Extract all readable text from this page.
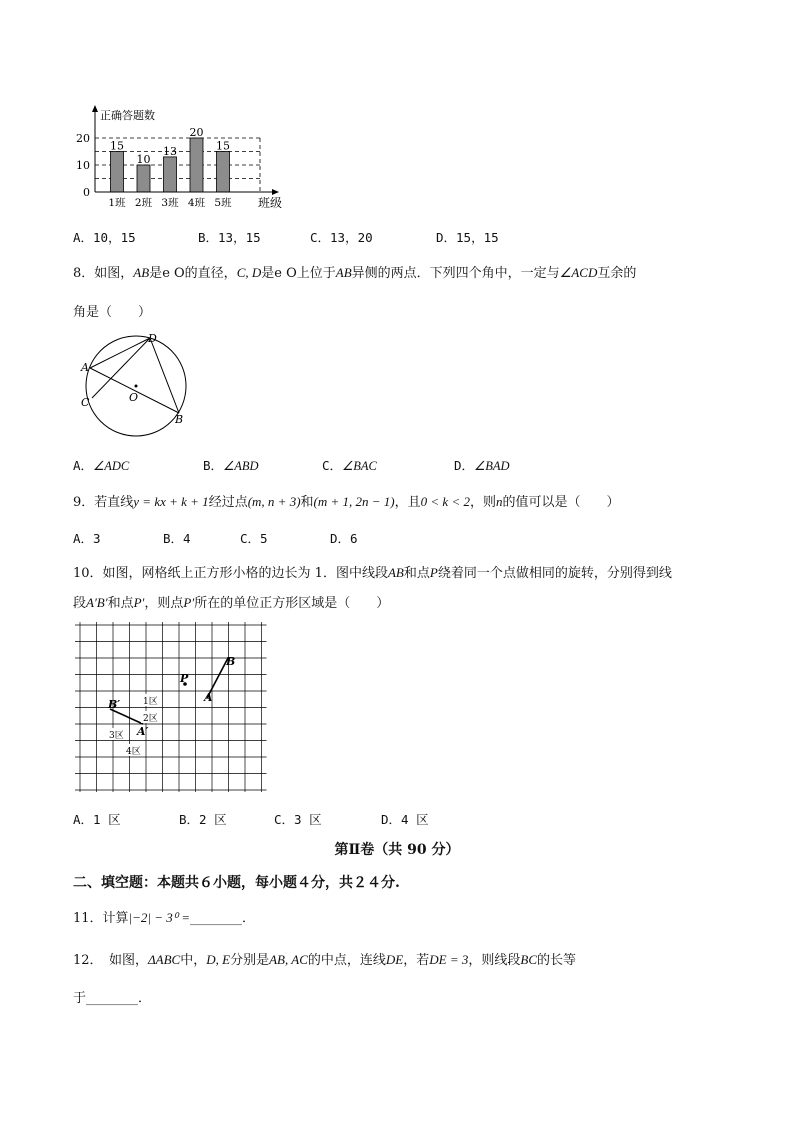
正确答题数
15
1班
10
2班
13
3班
20
4班
15
5班
0
10
20
班级
A．10，15	B．13，15	C．13，20	D．15，15
8．如图，AB是e O的直径，C, D是e O上位于AB异侧的两点．下列四个角中，一定与∠ACD互余的
角是（　　）
D
A
C	O
B
A．∠ADC	B．∠ABD	C．∠BAC	D．∠BAD
9．若直线y = kx + k + 1经过点(m, n + 3)和(m + 1, 2n − 1)，且0 < k < 2，则n的值可以是（　　）
A．3	B．4	C．5	D．6
10．如图，网格纸上正方形小格的边长为 1．图中线段AB和点P绕着同一个点做相同的旋转，分别得到线
段A′B′和点P′，则点P′所在的单位正方形区域是（　　）
B
A
P
B′
A′
1区
2区
3区
4区
A．1 区	B．2 区	C．3 区	D．4 区
第Ⅱ卷（共 90 分）
二、填空题：本题共６小题，每小题４分，共２４分.
11．计算|−2| − 3⁰ =________．
12．　如图，ΔABC中，D, E分别是AB, AC的中点，连线DE，若DE = 3，则线段BC的长等
于________．
